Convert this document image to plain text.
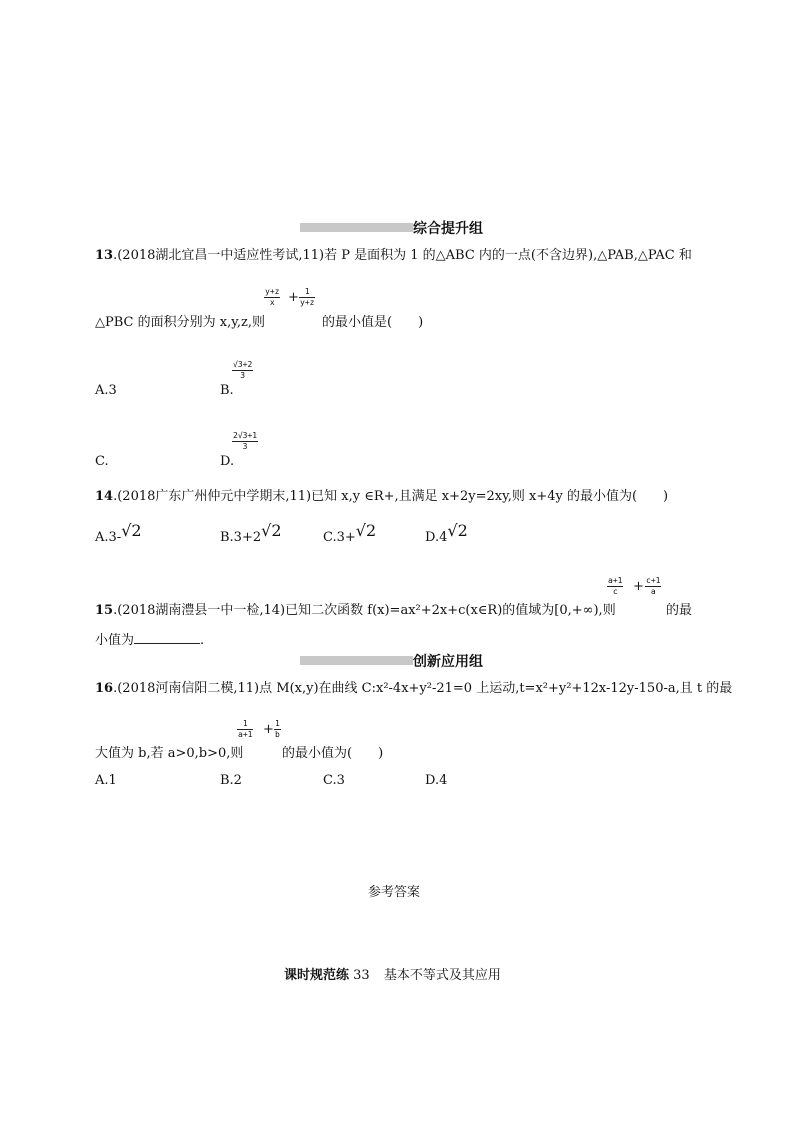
综合提升组
13.(2018湖北宜昌一中适应性考试,11)若 P 是面积为 1 的△ABC 内的一点(不含边界),△PAB,△PAC 和
$\frac{y+z}{x} + \frac{1}{y+z}$
△PBC 的面积分别为 x,y,z,则	的最小值是(　　)
A.3
$\frac{√3+2}{3}$
B.
C.
$\frac{2√3+1}{3}$
D.
14.(2018广东广州仲元中学期末,11)已知 x,y ∈R+,且满足 x+2y=2xy,则 x+4y 的最小值为(　　)
A.3-√2	B.3+2√2	C.3+√2	D.4√2
$\frac{a+1}{c} + \frac{c+1}{a}$
15.(2018湖南澧县一中一检,14)已知二次函数 f(x)=ax²+2x+c(x∈R)的值域为[0,+∞),则	的最
小值为	.
创新应用组
16.(2018河南信阳二模,11)点 M(x,y)在曲线 C:x²-4x+y²-21=0 上运动,t=x²+y²+12x-12y-150-a,且 t 的最
$\frac{1}{a+1} + \frac{1}{b}$
大值为 b,若 a>0,b>0,则	的最小值为(　　)
A.1	B.2	C.3	D.4
参考答案
课时规范练 33 基本不等式及其应用
